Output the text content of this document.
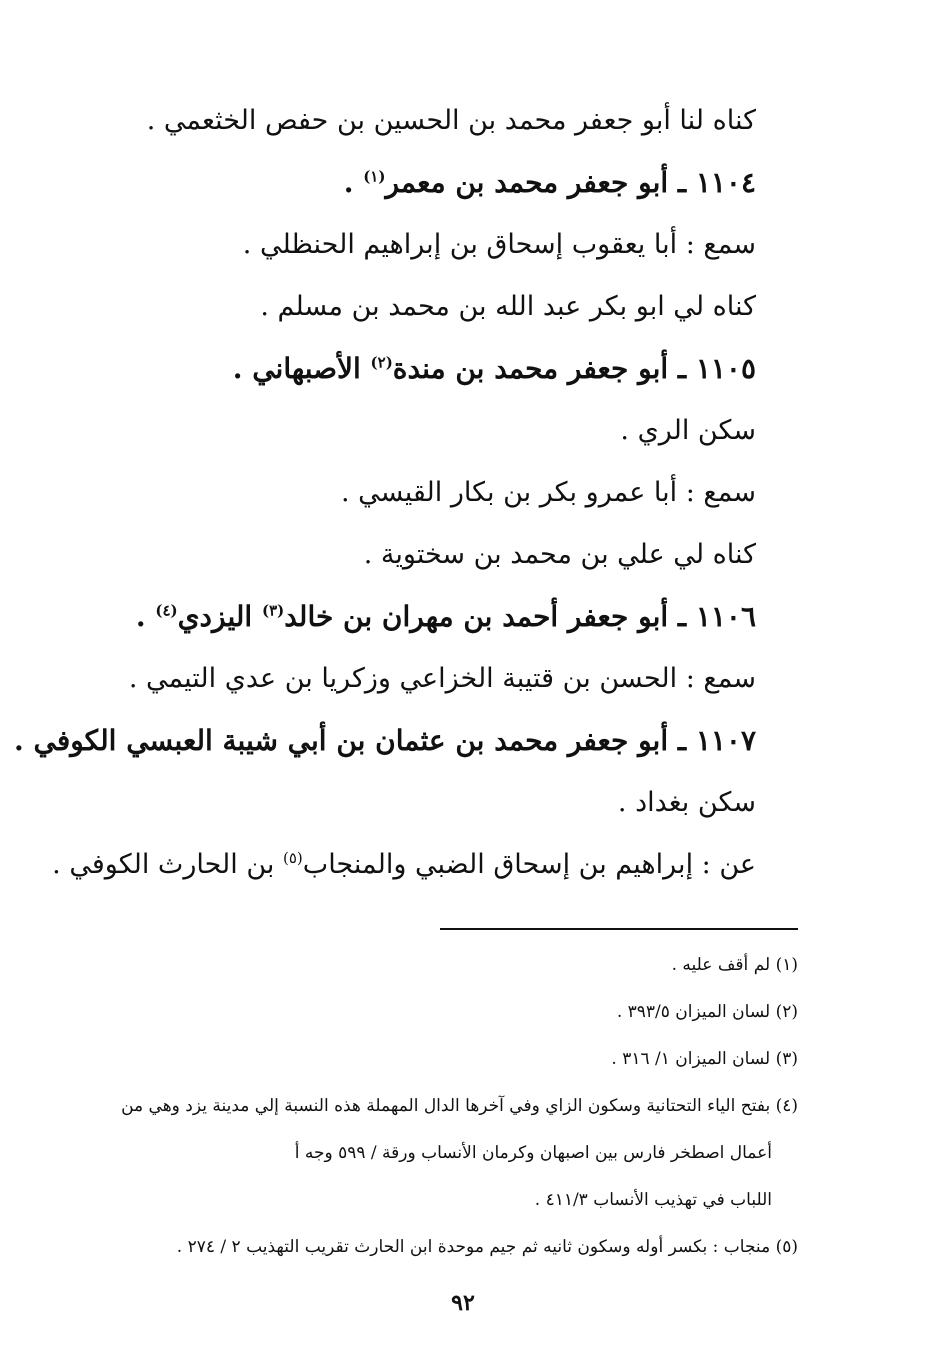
كناه لنا أبو جعفر محمد بن الحسين بن حفص الخثعمي .
١١٠٤ ـ أبو جعفر محمد بن معمر$^{(١)}$ .
سمع : أبا يعقوب إسحاق بن إبراهيم الحنظلي .
كناه لي ابو بكر عبد الله بن محمد بن مسلم .
١١٠٥ ـ أبو جعفر محمد بن مندة$^{(٢)}$ الأصبهاني .
سكن الري .
سمع : أبا عمرو بكر بن بكار القيسي .
كناه لي علي بن محمد بن سختوية .
١١٠٦ ـ أبو جعفر أحمد بن مهران بن خالد$^{(٣)}$ اليزدي$^{(٤)}$ .
سمع : الحسن بن قتيبة الخزاعي وزكريا بن عدي التيمي .
١١٠٧ ـ أبو جعفر محمد بن عثمان بن أبي شيبة العبسي الكوفي .
سكن بغداد .
عن : إبراهيم بن إسحاق الضبي والمنجاب$^{(٥)}$ بن الحارث الكوفي .
(١) لم أقف عليه .
(٢) لسان الميزان ٣٩٣/٥ .
(٣) لسان الميزان ١/ ٣١٦ .
(٤) بفتح الياء التحتانية وسكون الزاي وفي آخرها الدال المهملة هذه النسبة إلي مدينة يزد وهي من
أعمال اصطخر فارس بين اصبهان وكرمان الأنساب ورقة / ٥٩٩ وجه أ
اللباب في تهذيب الأنساب ٤١١/٣ .
(٥) منجاب : بكسر أوله وسكون ثانيه ثم جيم موحدة ابن الحارث تقريب التهذيب ٢ / ٢٧٤ .
٩٢
